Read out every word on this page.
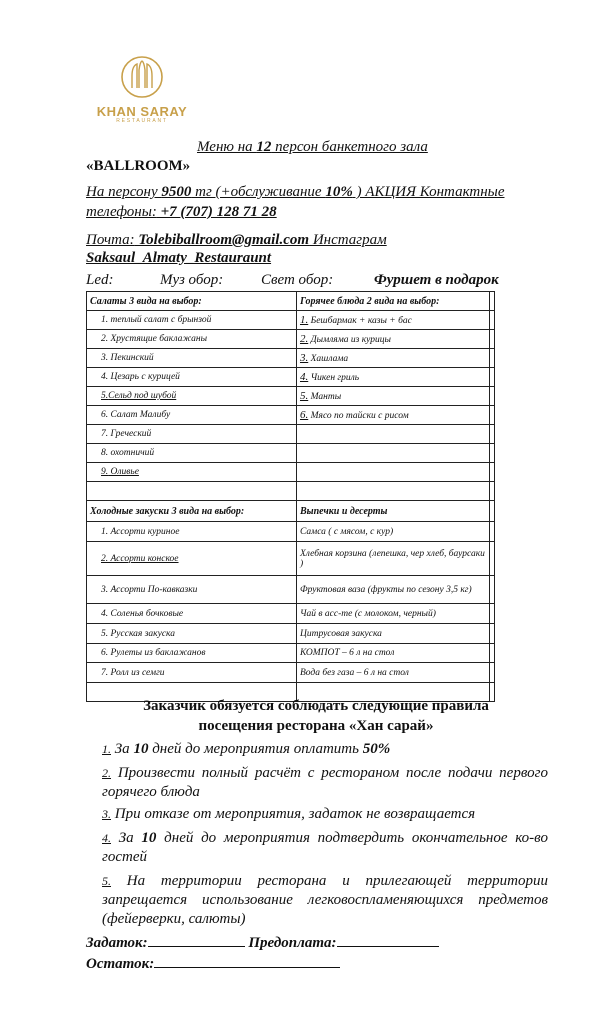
KHAN SARAY
RESTAURANT
Меню на 12 персон банкетного зала
«BALLROOM»
На персону 9500 тг (+обслуживание 10% ) АКЦИЯ Контактные
телефоны: +7 (707) 128 71 28
Почта: Tolebiballroom@gmail.com Инстаграм
Saksaul_Almaty_Restauraunt
Led:	Муз обор:	Свет обор:	Фуршет в подарок
Салаты 3 вида на выбор:	Горячее блюда 2 вида на выбор:	
1. теплый салат с брынзой	1. Бешбармак + казы + бас	
2. Хрустящие баклажаны	2. Дымляма из курицы	
3. Пекинский	3. Хашлама	
4. Цезарь с курицей	4. Чикен гриль	
5.Сельд под шубой	5. Манты	
6. Салат Малибу	6. Мясо по тайски с рисом	
7. Греческий		
8. охотничий		
9. Оливье		

Холодные закуски 3 вида на выбор:	Выпечки и десерты	
1. Ассорти куриное	Самса ( с мясом, с кур)	
2. Ассорти конское	Хлебная корзина (лепешка, чер хлеб, баурсаки )	
3. Ассорти По-кавказки	Фруктовая ваза (фрукты по сезону 3,5 кг)	
4. Соленья бочковые	Чай в асс-те (с молоком, черный)	
5. Русская закуска	Цитрусовая закуска	
6. Рулеты из баклажанов	КОМПОТ – 6 л на стол	
7. Ролл из семги	Вода без газа – 6 л на стол	

Заказчик обязуется соблюдать следующие правила
посещения ресторана «Хан сарай»
1. За 10 дней до мероприятия оплатить 50%
2. Произвести полный расчёт с рестораном после подачи первого горячего блюда
3. При отказе от мероприятия, задаток не возвращается
4. За 10 дней до мероприятия подтвердить окончательное ко-во гостей
5. На территории ресторана и прилегающей территории запрещается использование легковоспламеняющихся предметов (фейерверки, салюты)
Задаток:	Предоплата:
Остаток:
